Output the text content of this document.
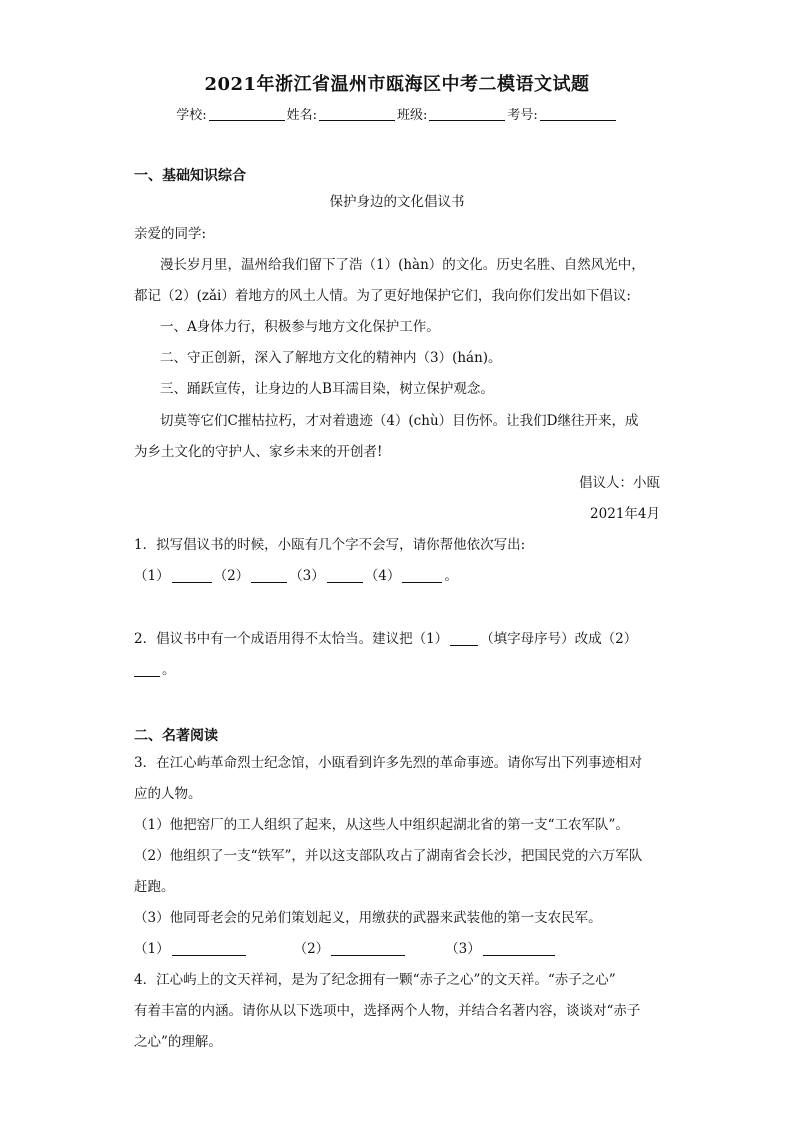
2021年浙江省温州市瓯海区中考二模语文试题
学校:	姓名:	班级:	考号:
一、基础知识综合
保护身边的文化倡议书
亲爱的同学:
漫长岁月里，温州给我们留下了浩（1）(hàn）的文化。历史名胜、自然风光中，
都记（2）(zǎi）着地方的风土人情。为了更好地保护它们，我向你们发出如下倡议:
一、A身体力行，积极参与地方文化保护工作。
二、守正创新，深入了解地方文化的精神内（3）(hán)。
三、踊跃宣传，让身边的人B耳濡目染，树立保护观念。
切莫等它们C摧枯拉朽，才对着遗迹（4）(chù）目伤怀。让我们D继往开来，成
为乡土文化的守护人、家乡未来的开创者!
倡议人：小瓯
2021年4月
1．拟写倡议书的时候，小瓯有几个字不会写，请你帮他依次写出:
（1）	（2）	（3）	（4）	。
2．倡议书中有一个成语用得不太恰当。建议把（1） （填字母序号）改成（2）
。
二、名著阅读
3．在江心屿革命烈士纪念馆，小瓯看到许多先烈的革命事迹。请你写出下列事迹相对
应的人物。
（1）他把窑厂的工人组织了起来，从这些人中组织起湖北省的第一支“工农军队”。
（2）他组织了一支“铁军”，并以这支部队攻占了湖南省会长沙，把国民党的六万军队
赶跑。
（3）他同哥老会的兄弟们策划起义，用缴获的武器来武装他的第一支农民军。
（1）	（2）	（3）
4．江心屿上的文天祥祠，是为了纪念拥有一颗“赤子之心”的文天祥。“赤子之心”
有着丰富的内涵。请你从以下选项中，选择两个人物，并结合名著内容，谈谈对“赤子
之心”的理解。
